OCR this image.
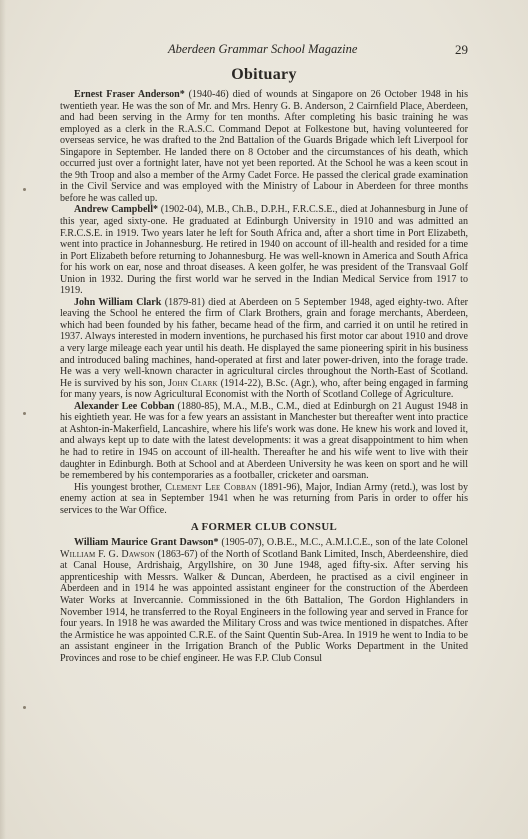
Aberdeen Grammar School Magazine	29
Obituary

Ernest Fraser Anderson* (1940-46) died of wounds at Singapore on 26 October 1948 in his twentieth year. He was the son of Mr. and Mrs. Henry G. B. Anderson, 2 Cairnfield Place, Aberdeen, and had been serving in the Army for ten months. After completing his basic training he was employed as a clerk in the R.A.S.C. Command Depot at Folkestone but, having volunteered for overseas service, he was drafted to the 2nd Battalion of the Guards Brigade which left Liverpool for Singapore in September. He landed there on 8 October and the circumstances of his death, which occurred just over a fortnight later, have not yet been reported. At the School he was a keen scout in the 9th Troop and also a member of the Army Cadet Force. He passed the clerical grade examination in the Civil Service and was employed with the Ministry of Labour in Aberdeen for three months before he was called up.

Andrew Campbell* (1902-04), M.B., Ch.B., D.P.H., F.R.C.S.E., died at Johannesburg in June of this year, aged sixty-one. He graduated at Edinburgh University in 1910 and was admitted an F.R.C.S.E. in 1919. Two years later he left for South Africa and, after a short time in Port Elizabeth, went into practice in Johannesburg. He retired in 1940 on account of ill-health and resided for a time in Port Elizabeth before returning to Johannesburg. He was well-known in America and South Africa for his work on ear, nose and throat diseases. A keen golfer, he was president of the Transvaal Golf Union in 1932. During the first world war he served in the Indian Medical Service from 1917 to 1919.

John William Clark (1879-81) died at Aberdeen on 5 September 1948, aged eighty-two. After leaving the School he entered the firm of Clark Brothers, grain and forage merchants, Aberdeen, which had been founded by his father, became head of the firm, and carried it on until he retired in 1937. Always interested in modern inventions, he purchased his first motor car about 1910 and drove a very large mileage each year until his death. He displayed the same pioneering spirit in his business and introduced baling machines, hand-operated at first and later power-driven, into the forage trade. He was a very well-known character in agricultural circles throughout the North-East of Scotland. He is survived by his son, John Clark (1914-22), B.Sc. (Agr.), who, after being engaged in farming for many years, is now Agricultural Economist with the North of Scotland College of Agriculture.

Alexander Lee Cobban (1880-85), M.A., M.B., C.M., died at Edinburgh on 21 August 1948 in his eightieth year. He was for a few years an assistant in Manchester but thereafter went into practice at Ashton-in-Makerfield, Lancashire, where his life's work was done. He knew his work and loved it, and always kept up to date with the latest developments: it was a great disappointment to him when he had to retire in 1945 on account of ill-health. Thereafter he and his wife went to live with their daughter in Edinburgh. Both at School and at Aberdeen University he was keen on sport and he will be remembered by his contemporaries as a footballer, cricketer and oarsman.

His youngest brother, Clement Lee Cobban (1891-96), Major, Indian Army (retd.), was lost by enemy action at sea in September 1941 when he was returning from Paris in order to offer his services to the War Office.

A FORMER CLUB CONSUL

William Maurice Grant Dawson* (1905-07), O.B.E., M.C., A.M.I.C.E., son of the late Colonel William F. G. Dawson (1863-67) of the North of Scotland Bank Limited, Insch, Aberdeenshire, died at Canal House, Ardrishaig, Argyllshire, on 30 June 1948, aged fifty-six. After serving his apprenticeship with Messrs. Walker & Duncan, Aberdeen, he practised as a civil engineer in Aberdeen and in 1914 he was appointed assistant engineer for the construction of the Aberdeen Water Works at Invercannie. Commissioned in the 6th Battalion, The Gordon Highlanders in November 1914, he transferred to the Royal Engineers in the following year and served in France for four years. In 1918 he was awarded the Military Cross and was twice mentioned in dispatches. After the Armistice he was appointed C.R.E. of the Saint Quentin Sub-Area. In 1919 he went to India to be an assistant engineer in the Irrigation Branch of the Public Works Department in the United Provinces and rose to be chief engineer. He was F.P. Club Consul
